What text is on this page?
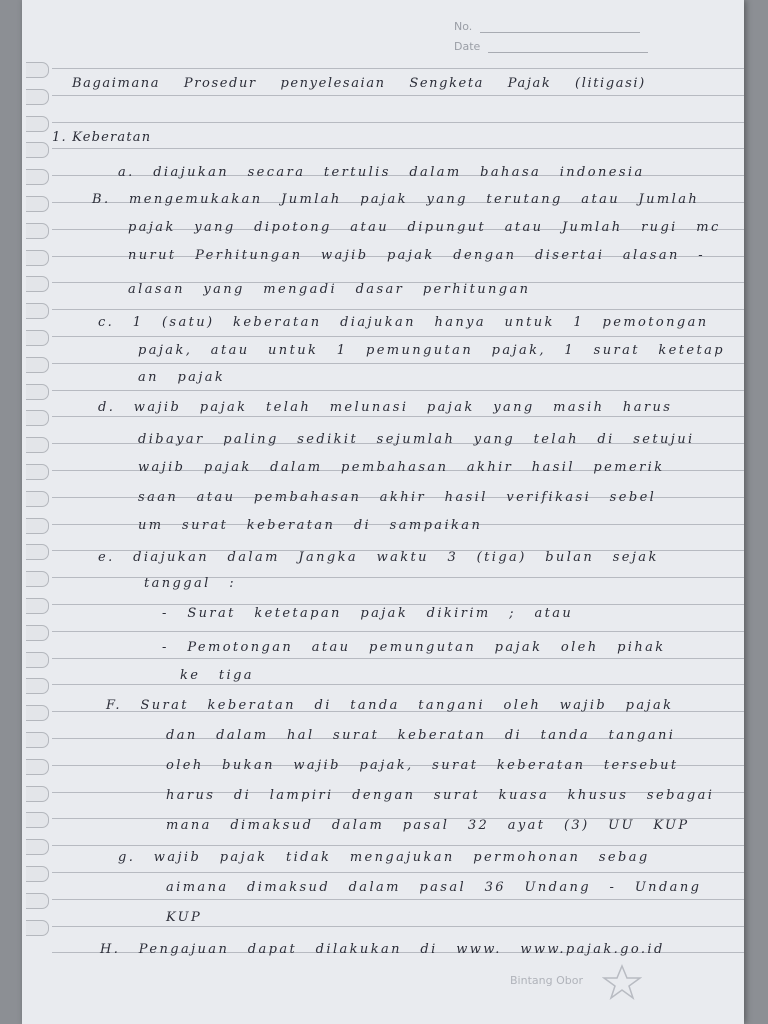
No.
Date
Bagaimana Prosedur penyelesaian Sengketa Pajak (litigasi)
1. Keberatan
a. diajukan secara tertulis dalam bahasa indonesia
B. mengemukakan Jumlah pajak yang terutang atau Jumlah
pajak yang dipotong atau dipungut atau Jumlah rugi mc
nurut Perhitungan wajib pajak dengan disertai alasan -
alasan yang mengadi dasar perhitungan
c. 1 (satu) keberatan diajukan hanya untuk 1 pemotongan
pajak, atau untuk 1 pemungutan pajak, 1 surat ketetap
an pajak
d. wajib pajak telah melunasi pajak yang masih harus
dibayar paling sedikit sejumlah yang telah di setujui
wajib pajak dalam pembahasan akhir hasil pemerik
saan atau pembahasan akhir hasil verifikasi sebel
um surat keberatan di sampaikan
e. diajukan dalam Jangka waktu 3 (tiga) bulan sejak
tanggal :
- Surat ketetapan pajak dikirim ; atau
- Pemotongan atau pemungutan pajak oleh pihak
ke tiga
F. Surat keberatan di tanda tangani oleh wajib pajak
dan dalam hal surat keberatan di tanda tangani
oleh bukan wajib pajak, surat keberatan tersebut
harus di lampiri dengan surat kuasa khusus sebagai
mana dimaksud dalam pasal 32 ayat (3) UU KUP
g. wajib pajak tidak mengajukan permohonan sebag
aimana dimaksud dalam pasal 36 Undang - Undang
KUP
H. Pengajuan dapat dilakukan di www. www.pajak.go.id
Bintang Obor
